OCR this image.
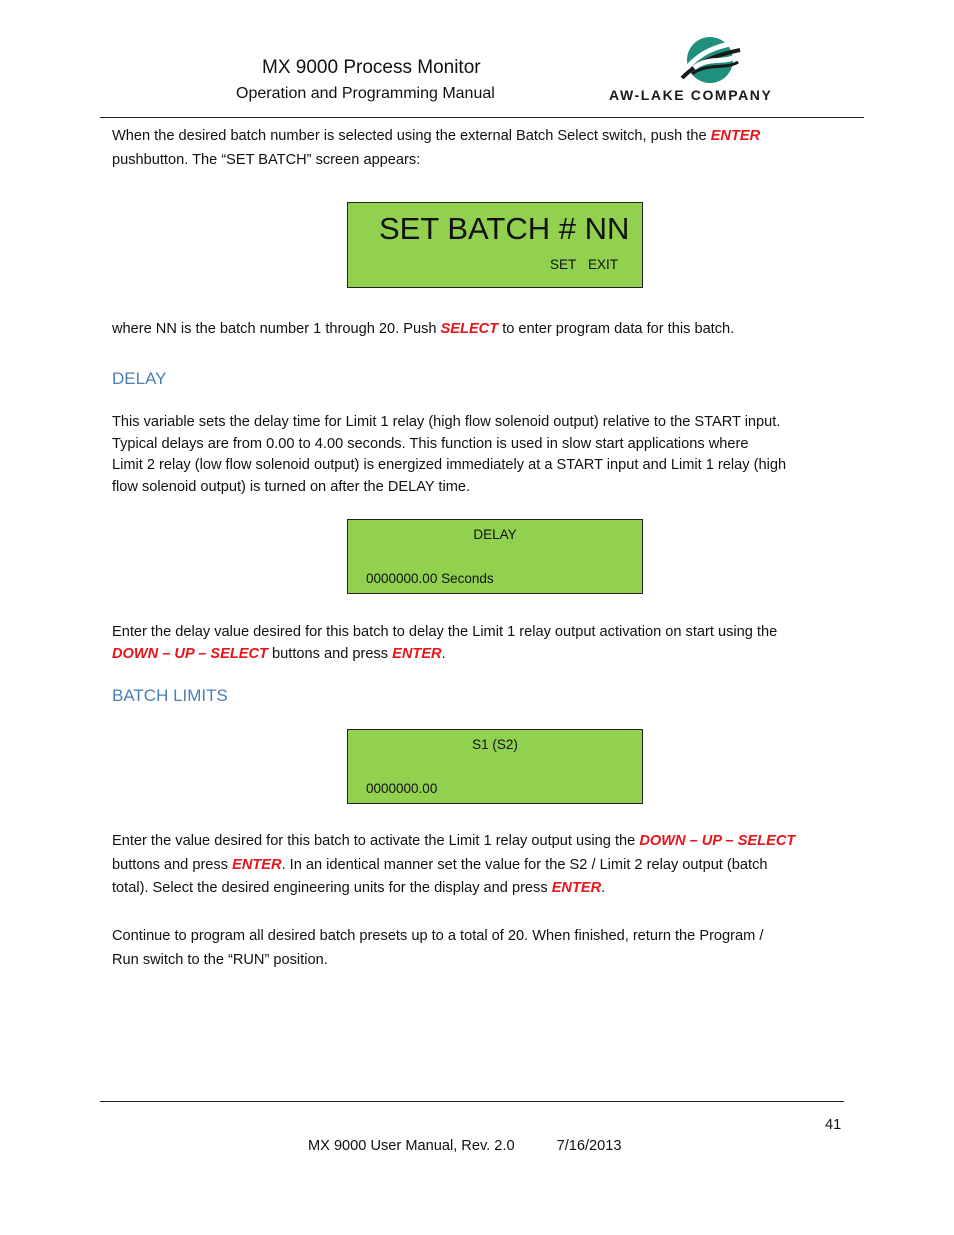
MX 9000 Process Monitor
Operation and Programming Manual	AW-LAKE COMPANY
When the desired batch number is selected using the external Batch Select switch, push the ENTER
pushbutton. The “SET BATCH” screen appears:
SET BATCH # NN
SET EXIT
where NN is the batch number 1 through 20. Push SELECT to enter program data for this batch.
DELAY
This variable sets the delay time for Limit 1 relay (high flow solenoid output) relative to the START input.
Typical delays are from 0.00 to 4.00 seconds. This function is used in slow start applications where
Limit 2 relay (low flow solenoid output) is energized immediately at a START input and Limit 1 relay (high
flow solenoid output) is turned on after the DELAY time.
DELAY
0000000.00 Seconds
Enter the delay value desired for this batch to delay the Limit 1 relay output activation on start using the
DOWN – UP – SELECT buttons and press ENTER.
BATCH LIMITS
S1 (S2)
0000000.00
Enter the value desired for this batch to activate the Limit 1 relay output using the DOWN – UP – SELECT
buttons and press ENTER. In an identical manner set the value for the S2 / Limit 2 relay output (batch
total). Select the desired engineering units for the display and press ENTER.
Continue to program all desired batch presets up to a total of 20. When finished, return the Program /
Run switch to the “RUN” position.
41
MX 9000 User Manual, Rev. 2.0	7/16/2013
